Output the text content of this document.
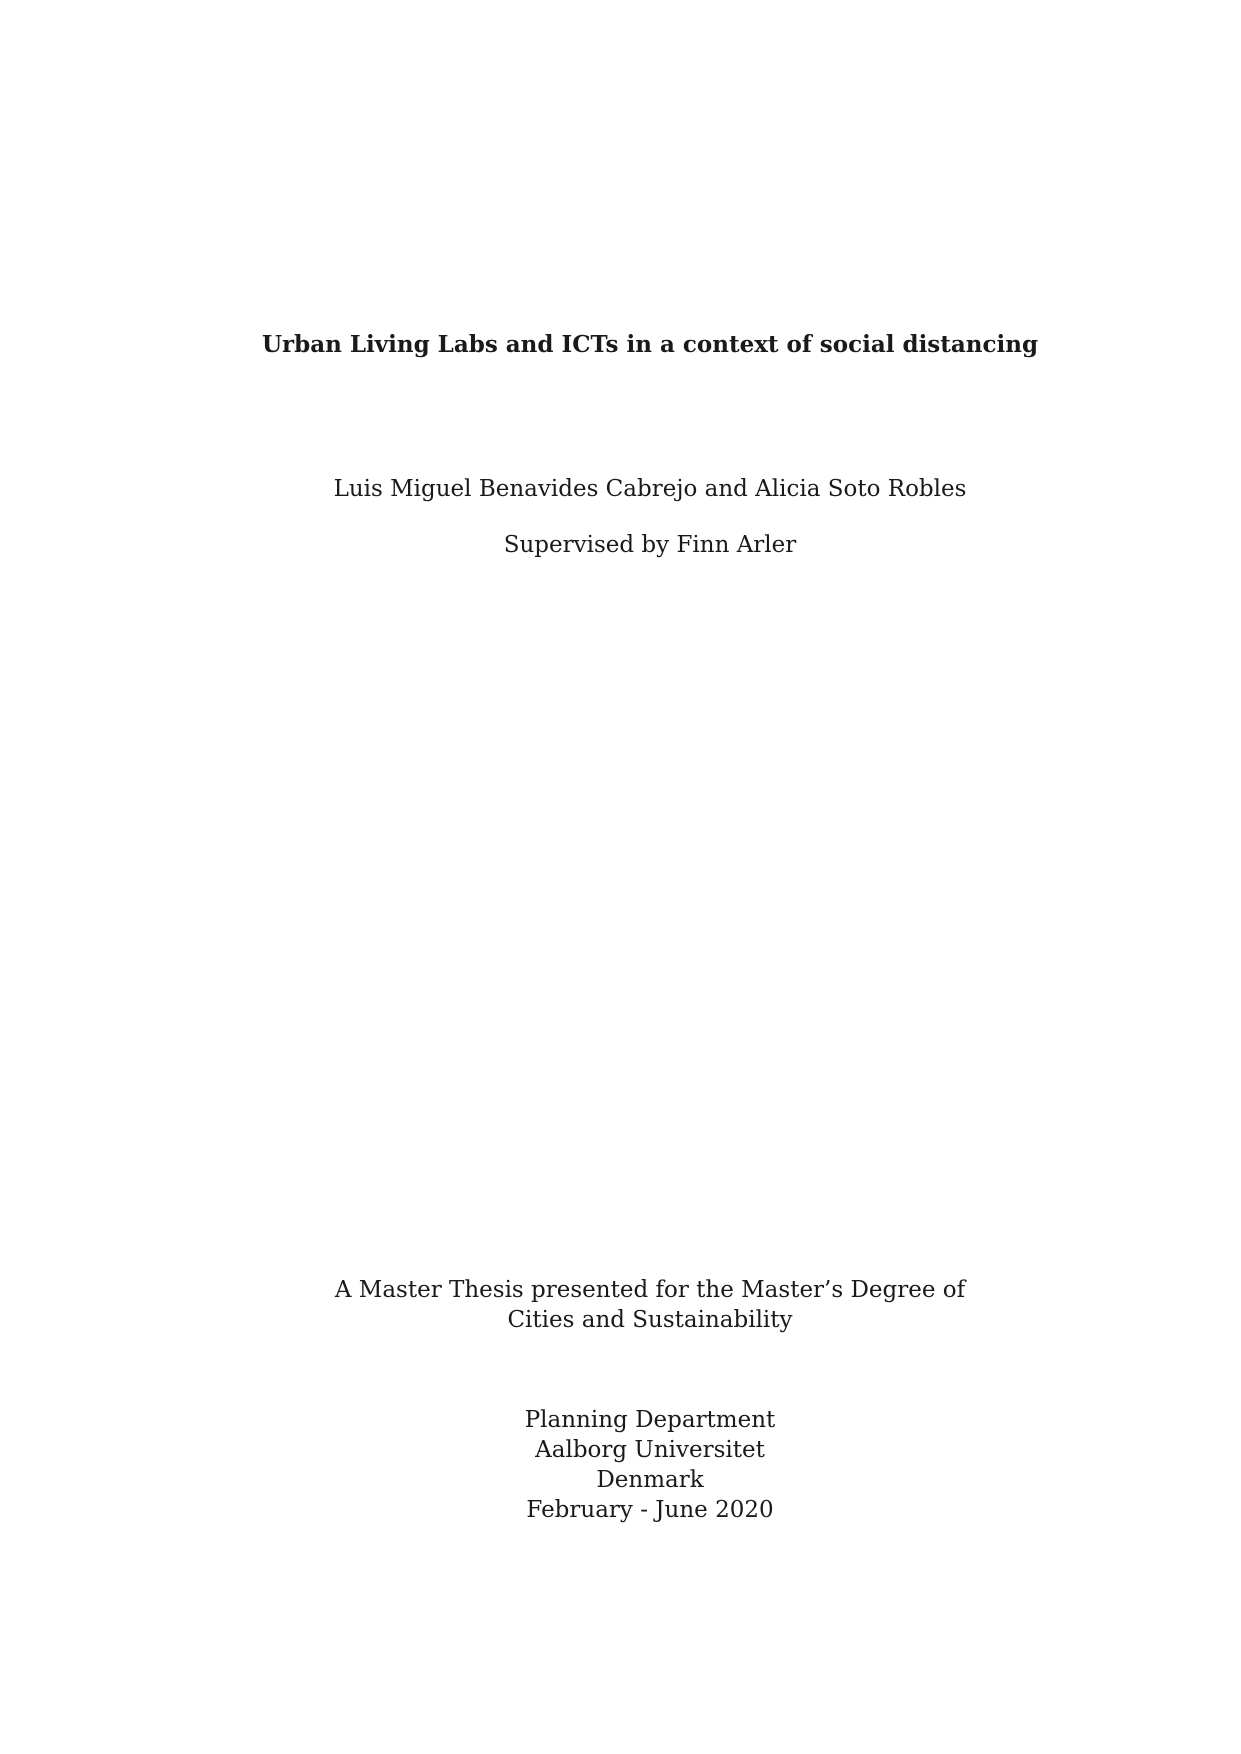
Urban Living Labs and ICTs in a context of social distancing
Luis Miguel Benavides Cabrejo and Alicia Soto Robles
Supervised by Finn Arler
A Master Thesis presented for the Master’s Degree of
Cities and Sustainability
Planning Department
Aalborg Universitet
Denmark
February - June 2020
